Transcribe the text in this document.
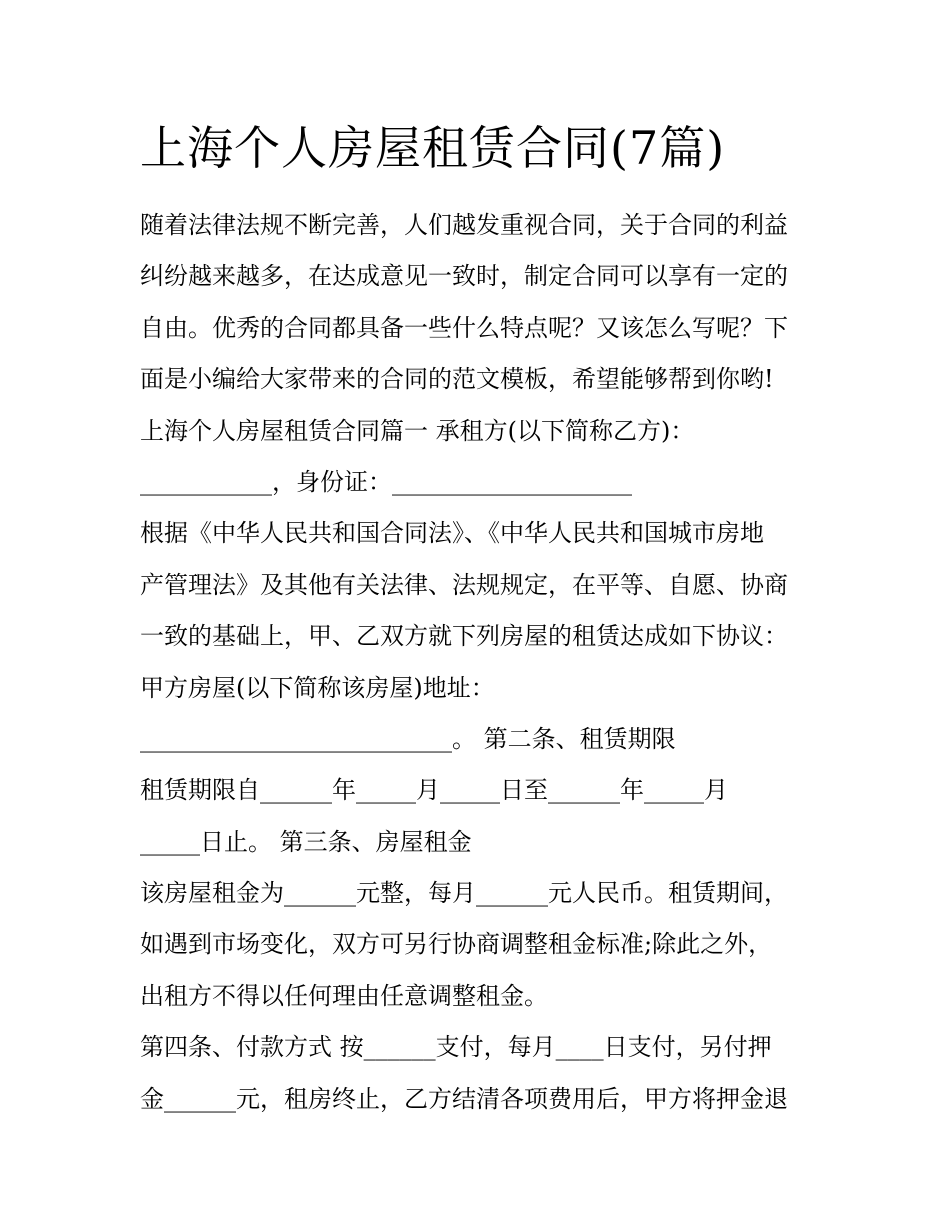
上海个人房屋租赁合同(7篇)
随着法律法规不断完善，人们越发重视合同，关于合同的利益
纠纷越来越多，在达成意见一致时，制定合同可以享有一定的
自由。优秀的合同都具备一些什么特点呢？又该怎么写呢？下
面是小编给大家带来的合同的范文模板，希望能够帮到你哟!
上海个人房屋租赁合同篇一 承租方(以下简称乙方)：
___________，身份证：____________________
根据《中华人民共和国合同法》、《中华人民共和国城市房地
产管理法》及其他有关法律、法规规定，在平等、自愿、协商
一致的基础上，甲、乙双方就下列房屋的租赁达成如下协议：
甲方房屋(以下简称该房屋)地址：
__________________________。 第二条、租赁期限
租赁期限自______年_____月_____日至______年_____月
_____日止。 第三条、房屋租金
该房屋租金为______元整，每月______元人民币。租赁期间，
如遇到市场变化，双方可另行协商调整租金标准;除此之外，
出租方不得以任何理由任意调整租金。
第四条、付款方式 按______支付，每月____日支付，另付押
金______元，租房终止，乙方结清各项费用后，甲方将押金退
